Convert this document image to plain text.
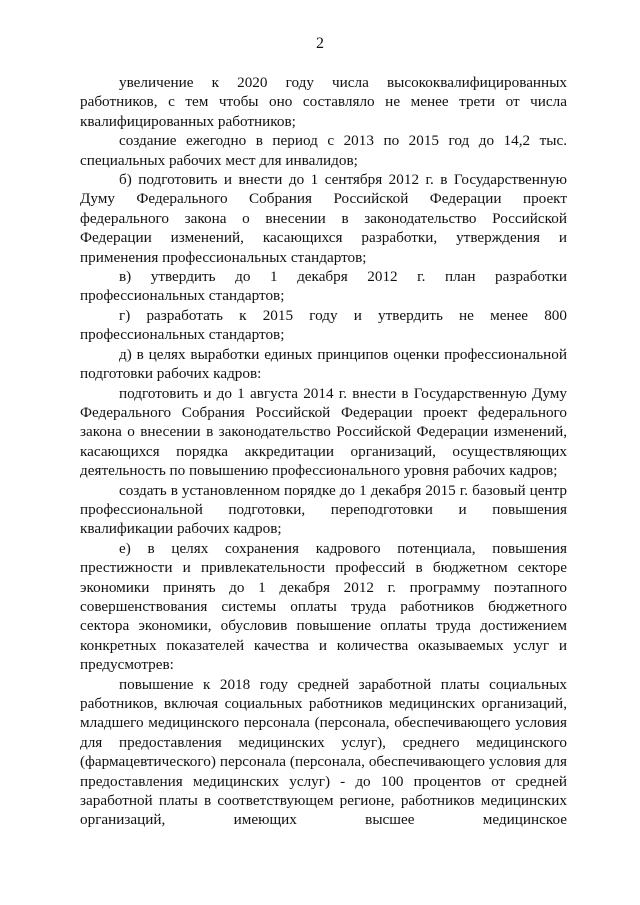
2

увеличение к 2020 году числа высококвалифицированных работников, с тем чтобы оно составляло не менее трети от числа квалифицированных работников;

создание ежегодно в период с 2013 по 2015 год до 14,2 тыс. специальных рабочих мест для инвалидов;

б) подготовить и внести до 1 сентября 2012 г. в Государственную Думу Федерального Собрания Российской Федерации проект федерального закона о внесении в законодательство Российской Федерации изменений, касающихся разработки, утверждения и применения профессиональных стандартов;

в) утвердить до 1 декабря 2012 г. план разработки профессиональных стандартов;

г) разработать к 2015 году и утвердить не менее 800 профессиональных стандартов;

д) в целях выработки единых принципов оценки профессиональной подготовки рабочих кадров:

подготовить и до 1 августа 2014 г. внести в Государственную Думу Федерального Собрания Российской Федерации проект федерального закона о внесении в законодательство Российской Федерации изменений, касающихся порядка аккредитации организаций, осуществляющих деятельность по повышению профессионального уровня рабочих кадров;

создать в установленном порядке до 1 декабря 2015 г. базовый центр профессиональной подготовки, переподготовки и повышения квалификации рабочих кадров;

е) в целях сохранения кадрового потенциала, повышения престижности и привлекательности профессий в бюджетном секторе экономики принять до 1 декабря 2012 г. программу поэтапного совершенствования системы оплаты труда работников бюджетного сектора экономики, обусловив повышение оплаты труда достижением конкретных показателей качества и количества оказываемых услуг и предусмотрев:

повышение к 2018 году средней заработной платы социальных работников, включая социальных работников медицинских организаций, младшего медицинского персонала (персонала, обеспечивающего условия для предоставления медицинских услуг), среднего медицинского (фармацевтического) персонала (персонала, обеспечивающего условия для предоставления медицинских услуг) - до 100 процентов от средней заработной платы в соответствующем регионе, работников медицинских организаций, имеющих высшее медицинское
